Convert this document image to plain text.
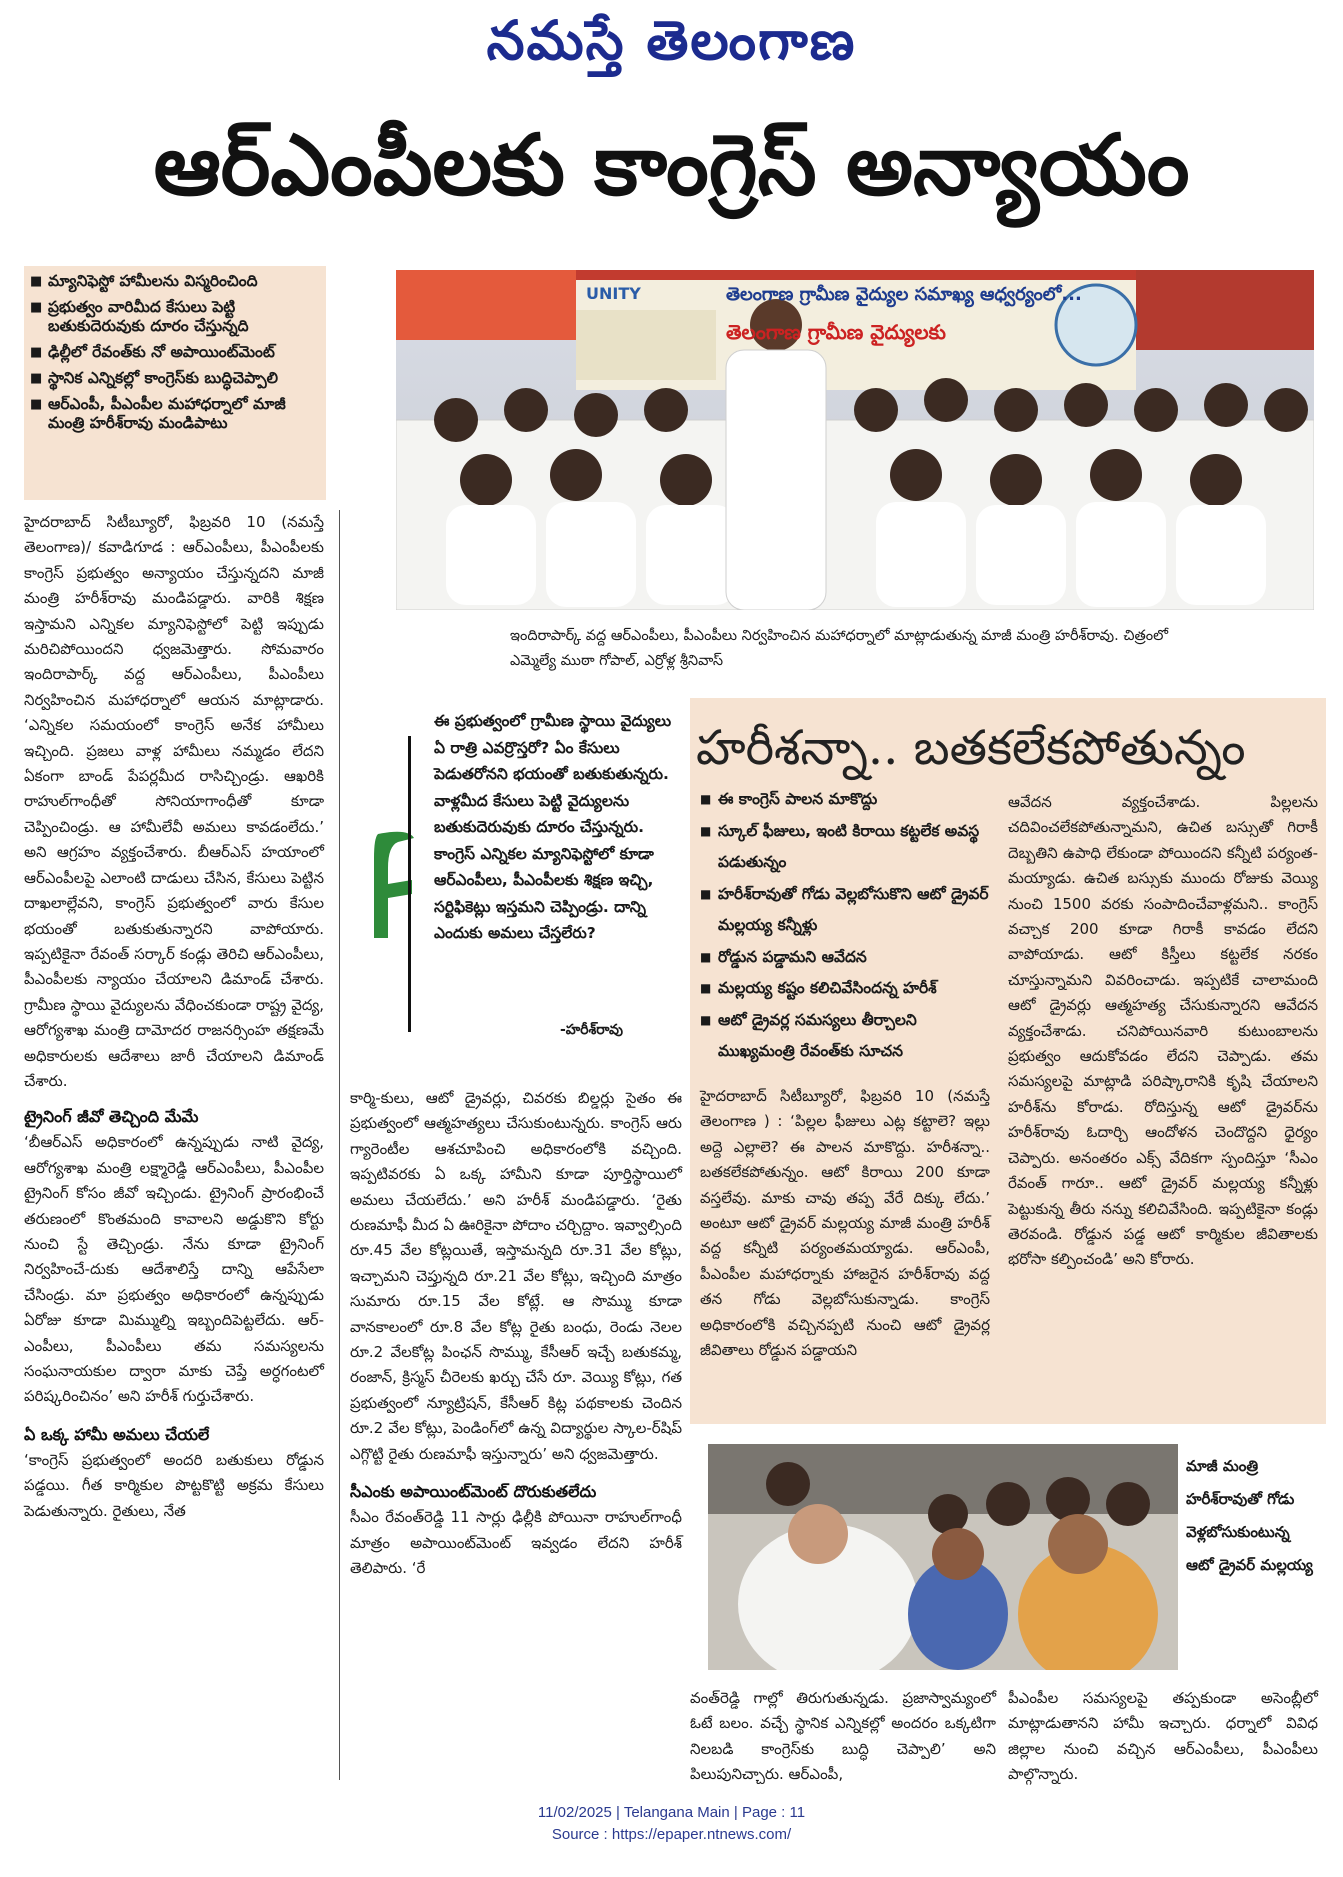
నమస్తే తెలంగాణ
ఆర్ఎంపీలకు కాంగ్రెస్ అన్యాయం
■ మ్యానిఫెస్టో హామీలను విస్మరించింది
■ ప్రభుత్వం వారిమీద కేసులు పెట్టి బతుకుదెరువుకు దూరం చేస్తున్నది
■ ఢిల్లీలో రేవంత్‌కు నో అపాయింట్‌మెంట్
■ స్థానిక ఎన్నికల్లో కాంగ్రెస్‌కు బుద్ధిచెప్పాలి
■ ఆర్ఎంపీ, పీఎంపీల మహాధర్నాలో మాజీ మంత్రి హరీశ్‌రావు మండిపాటు
UNITY	తెలంగాణ గ్రామీణ వైద్యుల సమాఖ్య ఆధ్వర్యంలో...
తెలంగాణ గ్రామీణ వైద్యులకు
ఇందిరాపార్క్ వద్ద ఆర్ఎంపీలు, పీఎంపీలు నిర్వహించిన మహాధర్నాలో మాట్లాడుతున్న మాజీ మంత్రి హరీశ్‌రావు. చిత్రంలో ఎమ్మెల్యే ముఠా గోపాల్, ఎర్రోళ్ల శ్రీనివాస్

హైదరాబాద్ సిటీబ్యూరో, ఫిబ్రవరి 10 (నమస్తే తెలంగాణ)/ కవాడిగూడ : ఆర్ఎంపీలు, పీఎంపీలకు కాంగ్రెస్ ప్రభుత్వం అన్యాయం చేస్తున్నదని మాజీ మంత్రి హరీశ్‌రావు మండిపడ్డారు. వారికి శిక్షణ ఇస్తామని ఎన్నికల మ్యానిఫెస్టోలో పెట్టి ఇప్పుడు మరిచిపోయిందని ధ్వజమెత్తారు. సోమవారం ఇందిరాపార్క్ వద్ద ఆర్ఎంపీలు, పీఎంపీలు నిర్వహించిన మహాధర్నాలో ఆయన మాట్లాడారు. ‘ఎన్నికల సమయంలో కాంగ్రెస్ అనేక హామీలు ఇచ్చింది. ప్రజలు వాళ్ల హామీలు నమ్మడం లేదని ఏకంగా బాండ్ పేపర్లమీద రాసిచ్చిండ్రు. ఆఖరికి రాహుల్‌గాంధీతో సోనియాగాంధీతో కూడా చెప్పించిండ్రు. ఆ హామీలేవీ అమలు కావడంలేదు.’ అని ఆగ్రహం వ్యక్తంచేశారు. బీఆర్ఎస్ హయాంలో ఆర్ఎంపీలపై ఎలాంటి దాడులు చేసిన, కేసులు పెట్టిన దాఖలాల్లేవని, కాంగ్రెస్ ప్రభుత్వంలో వారు కేసుల భయంతో బతుకుతున్నారని వాపోయారు. ఇప్పటికైనా రేవంత్ సర్కార్ కండ్లు తెరిచి ఆర్ఎంపీలు, పీఎంపీలకు న్యాయం చేయాలని డిమాండ్ చేశారు. గ్రామీణ స్థాయి వైద్యులను వేధించకుండా రాష్ట్ర వైద్య, ఆరోగ్యశాఖ మంత్రి దామోదర రాజనర్సింహ తక్షణమే అధికారులకు ఆదేశాలు జారీ చేయాలని డిమాండ్ చేశారు.

ట్రైనింగ్ జీవో తెచ్చింది మేమే

‘బీఆర్ఎస్ అధికారంలో ఉన్నప్పుడు నాటి వైద్య, ఆరోగ్యశాఖ మంత్రి లక్ష్మారెడ్డి ఆర్ఎంపీలు, పీఎంపీల ట్రైనింగ్ కోసం జీవో ఇచ్చిండు. ట్రైనింగ్ ప్రారంభించే తరుణంలో కొంతమంది కావాలని అడ్డుకొని కోర్టు నుంచి స్టే తెచ్చిండ్రు. నేను కూడా ట్రైనింగ్ నిర్వహించే-దుకు ఆదేశాలిస్తే దాన్ని ఆపేసేలా చేసిండ్రు. మా ప్రభుత్వం అధికారంలో ఉన్నప్పుడు ఏరోజు కూడా మిమ్ముల్ని ఇబ్బందిపెట్టలేదు. ఆర్-ఎంపీలు, పీఎంపీలు తమ సమస్యలను సంఘనాయకుల ద్వారా మాకు చెప్తే అర్ధగంటలో పరిష్కరించినం’ అని హరీశ్ గుర్తుచేశారు.

ఏ ఒక్క హామీ అమలు చేయలే

‘కాంగ్రెస్ ప్రభుత్వంలో అందరి బతుకులు రోడ్డున పడ్డయి. గీత కార్మికుల పొట్టకొట్టి అక్రమ కేసులు పెడుతున్నారు. రైతులు, నేత

ఈ ప్రభుత్వంలో గ్రామీణ స్థాయి వైద్యులు ఏ రాత్రి ఎవర్రొస్తరో? ఏం కేసులు పెడుతరోనని భయంతో బతుకుతున్నరు. వాళ్లమీద కేసులు పెట్టి వైద్యులను బతుకుదెరువుకు దూరం చేస్తున్నరు. కాంగ్రెస్ ఎన్నికల మ్యానిఫెస్టోలో కూడా ఆర్ఎంపీలు, పీఎంపీలకు శిక్షణ ఇచ్చి, సర్టిఫికెట్లు ఇస్తమని చెప్పిండ్రు. దాన్ని ఎందుకు అమలు చేస్తలేరు?
-హరీశ్‌రావు

కార్మి-కులు, ఆటో డ్రైవర్లు, చివరకు బిల్డర్లు సైతం ఈ ప్రభుత్వంలో ఆత్మహత్యలు చేసుకుంటున్నరు. కాంగ్రెస్ ఆరు గ్యారెంటీల ఆశచూపించి అధికారంలోకి వచ్చింది. ఇప్పటివరకు ఏ ఒక్క హామీని కూడా పూర్తిస్థాయిలో అమలు చేయలేదు.’ అని హరీశ్ మండిపడ్డారు. ‘రైతు రుణమాఫీ మీద ఏ ఊరికైనా పోదాం చర్చిద్దాం. ఇవ్వాల్సింది రూ.45 వేల కోట్లయితే, ఇస్తామన్నది రూ.31 వేల కోట్లు, ఇచ్చామని చెప్తున్నది రూ.21 వేల కోట్లు, ఇచ్చింది మాత్రం సుమారు రూ.15 వేల కోట్లే. ఆ సొమ్ము కూడా వానకాలంలో రూ.8 వేల కోట్ల రైతు బంధు, రెండు నెలల రూ.2 వేలకోట్ల పింఛన్ సొమ్ము, కేసీఆర్ ఇచ్చే బతుకమ్మ, రంజాన్, క్రిస్మస్ చీరెలకు ఖర్చు చేసే రూ. వెయ్యి కోట్లు, గత ప్రభుత్వంలో న్యూట్రిషన్, కేసీఆర్ కిట్ల పథకాలకు చెందిన రూ.2 వేల కోట్లు, పెండింగ్‌లో ఉన్న విద్యార్థుల స్కాల-ర్‌షిప్ ఎగ్గొట్టి రైతు రుణమాఫీ ఇస్తున్నారు’ అని ధ్వజమెత్తారు.

సీఎంకు అపాయింట్‌మెంట్ దొరుకుతలేదు

సీఎం రేవంత్‌రెడ్డి 11 సార్లు ఢిల్లీకి పోయినా రాహుల్‌గాంధీ మాత్రం అపాయింట్‌మెంట్ ఇవ్వడం లేదని హరీశ్ తెలిపారు. ‘రే

హరీశన్నా.. బతకలేకపోతున్నం
■ ఈ కాంగ్రెస్ పాలన మాకొద్దు
■ స్కూల్ ఫీజులు, ఇంటి కిరాయి కట్టలేక అవస్థ పడుతున్నం
■ హరీశ్‌రావుతో గోడు వెల్లబోసుకొని ఆటో డ్రైవర్ మల్లయ్య కన్నీళ్లు
■ రోడ్డున పడ్డామని ఆవేదన
■ మల్లయ్య కష్టం కలిచివేసిందన్న హరీశ్
■ ఆటో డ్రైవర్ల సమస్యలు తీర్చాలని ముఖ్యమంత్రి రేవంత్‌కు సూచన
హైదరాబాద్ సిటీబ్యూరో, ఫిబ్రవరి 10 (నమస్తే తెలంగాణ ) : ‘పిల్లల ఫీజులు ఎట్ల కట్టాలె? ఇల్లు అద్దె ఎల్లాలె? ఈ పాలన మాకొద్దు. హరీశన్నా.. బతకలేకపోతున్నం. ఆటో కిరాయి 200 కూడా వస్తలేవు. మాకు చావు తప్ప వేరే దిక్కు లేదు.’ అంటూ ఆటో డ్రైవర్ మల్లయ్య మాజీ మంత్రి హరీశ్ వద్ద కన్నీటి పర్యంతమయ్యాడు. ఆర్ఎంపీ, పీఎంపీల మహాధర్నాకు హాజరైన హరీశ్‌రావు వద్ద తన గోడు వెల్లబోసుకున్నాడు. కాంగ్రెస్ అధికారంలోకి వచ్చినప్పటి నుంచి ఆటో డ్రైవర్ల జీవితాలు రోడ్డున పడ్డాయని
ఆవేదన వ్యక్తంచేశాడు. పిల్లలను చదివించలేకపోతున్నామని, ఉచిత బస్సుతో గిరాకీ దెబ్బతిని ఉపాధి లేకుండా పోయిందని కన్నీటి పర్యంత-మయ్యాడు. ఉచిత బస్సుకు ముందు రోజుకు వెయ్యి నుంచి 1500 వరకు సంపాదించేవాళ్లమని.. కాంగ్రెస్ వచ్చాక 200 కూడా గిరాకీ కావడం లేదని వాపోయాడు. ఆటో కిస్తీలు కట్టలేక నరకం చూస్తున్నామని వివరించాడు. ఇప్పటికే చాలామంది ఆటో డ్రైవర్లు ఆత్మహత్య చేసుకున్నారని ఆవేదన వ్యక్తంచేశాడు. చనిపోయినవారి కుటుంబాలను ప్రభుత్వం ఆదుకోవడం లేదని చెప్పాడు. తమ సమస్యలపై మాట్లాడి పరిష్కారానికి కృషి చేయాలని హరీశ్‌ను కోరాడు. రోదిస్తున్న ఆటో డ్రైవర్‌ను హరీశ్‌రావు ఓదార్చి ఆందోళన చెందొద్దని ధైర్యం చెప్పారు. అనంతరం ఎక్స్ వేదికగా స్పందిస్తూ ‘సీఎం రేవంత్ గారూ.. ఆటో డ్రైవర్ మల్లయ్య కన్నీళ్లు పెట్టుకున్న తీరు నన్ను కలిచివేసింది. ఇప్పటికైనా కండ్లు తెరవండి. రోడ్డున పడ్డ ఆటో కార్మికుల జీవితాలకు భరోసా కల్పించండి’ అని కోరారు.
మాజీ మంత్రి హరీశ్‌రావుతో గోడు వెళ్లబోసుకుంటున్న ఆటో డ్రైవర్ మల్లయ్య
వంత్‌రెడ్డి గాల్లో తిరుగుతున్నడు. ప్రజాస్వామ్యంలో ఓటే బలం. వచ్చే స్థానిక ఎన్నికల్లో అందరం ఒక్కటిగా నిలబడి కాంగ్రెస్‌కు బుద్ధి చెప్పాలి’ అని పిలుపునిచ్చారు. ఆర్ఎంపీ,
పీఎంపీల సమస్యలపై తప్పకుండా అసెంబ్లీలో మాట్లాడుతానని హామీ ఇచ్చారు. ధర్నాలో వివిధ జిల్లాల నుంచి వచ్చిన ఆర్ఎంపీలు, పీఎంపీలు పాల్గొన్నారు.
11/02/2025 | Telangana Main | Page : 11
Source : https://epaper.ntnews.com/
